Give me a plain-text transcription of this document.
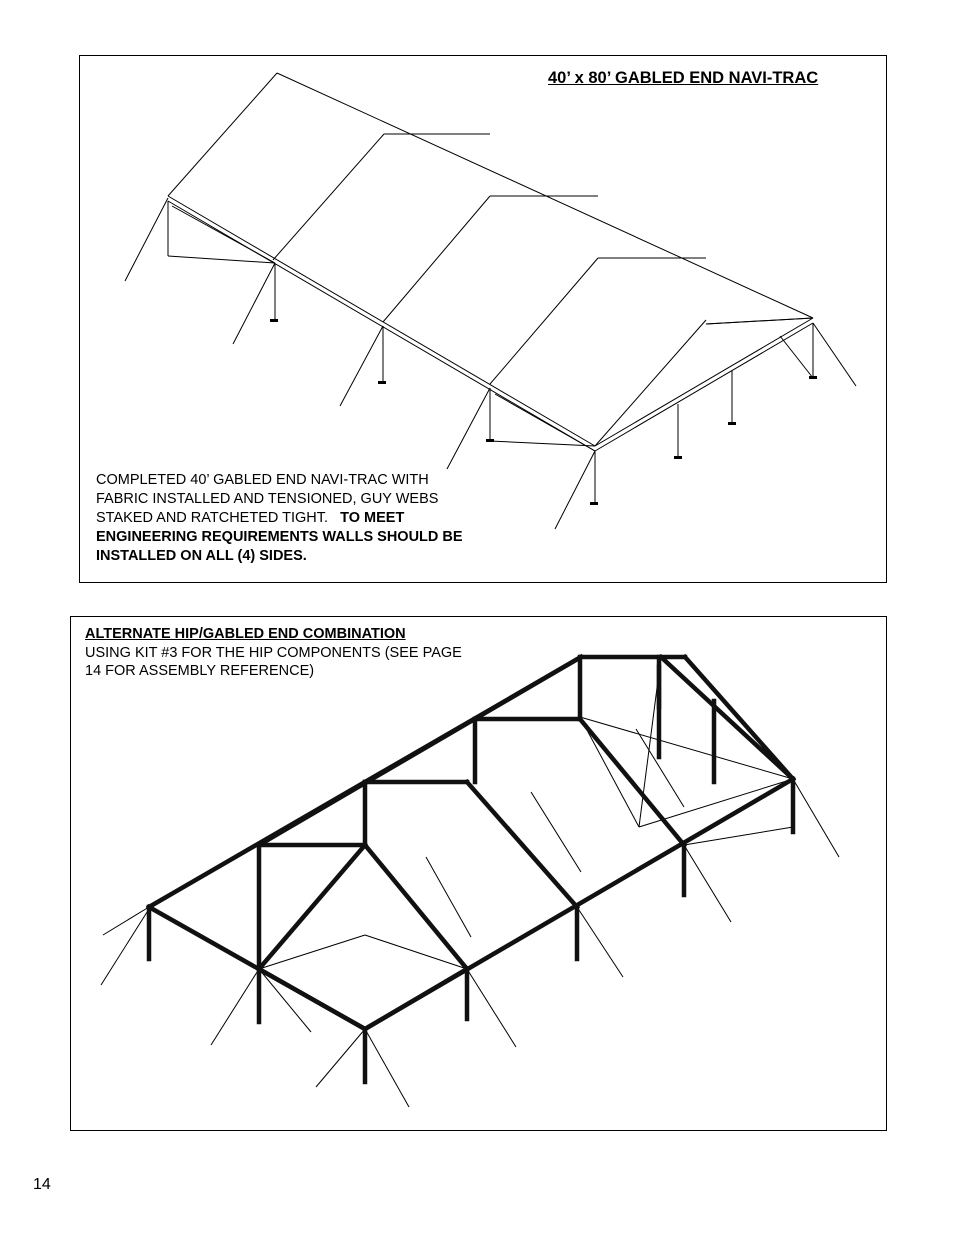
40’ x 80’ GABLED END NAVI-TRAC
COMPLETED 40’ GABLED END NAVI-TRAC WITH FABRIC INSTALLED AND TENSIONED, GUY WEBS STAKED AND RATCHETED TIGHT. TO MEET ENGINEERING REQUIREMENTS WALLS SHOULD BE INSTALLED ON ALL (4) SIDES.
ALTERNATE HIP/GABLED END COMBINATION
USING KIT #3 FOR THE HIP COMPONENTS (SEE PAGE 14 FOR ASSEMBLY REFERENCE)
14
